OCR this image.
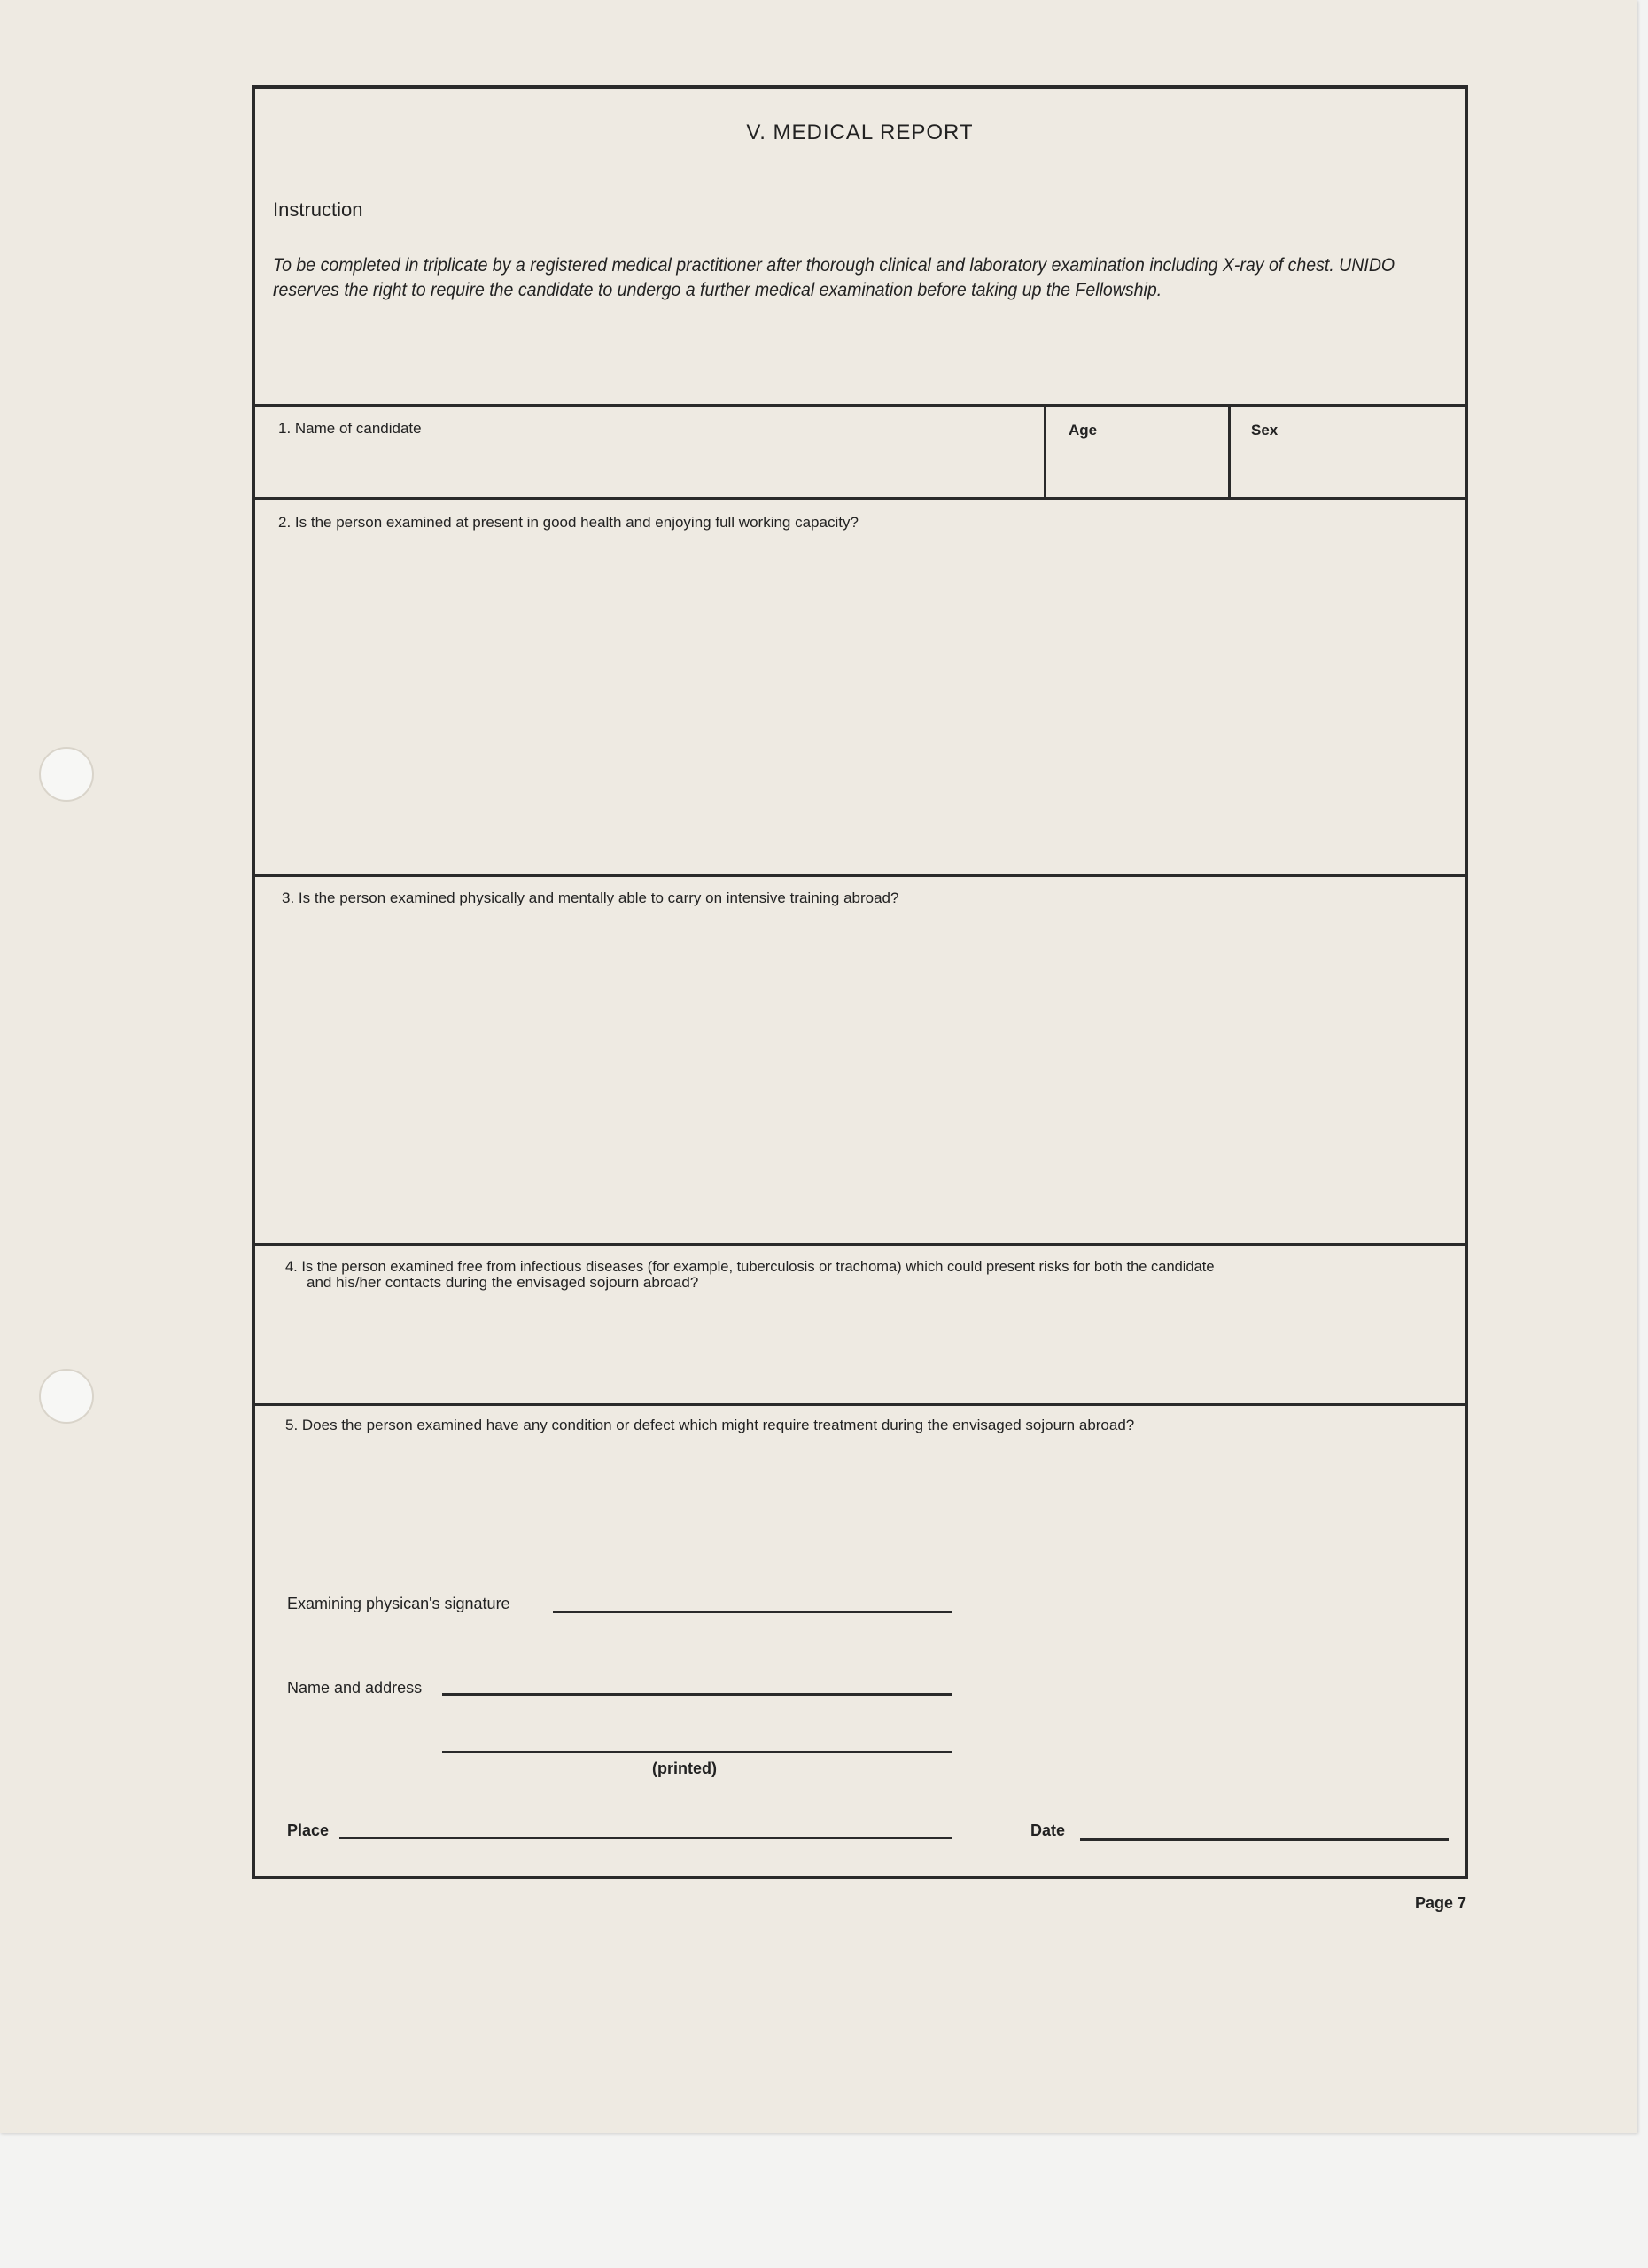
V. MEDICAL REPORT
Instruction
To be completed in triplicate by a registered medical practitioner after thorough clinical and laboratory examination including X-ray of chest. UNIDO reserves the right to require the candidate to undergo a further medical examination before taking up the Fellowship.
1. Name of candidate	Age	Sex
2. Is the person examined at present in good health and enjoying full working capacity?
3. Is the person examined physically and mentally able to carry on intensive training abroad?
4. Is the person examined free from infectious diseases (for example, tuberculosis or trachoma) which could present risks for both the candidate
and his/her contacts during the envisaged sojourn abroad?
5. Does the person examined have any condition or defect which might require treatment during the envisaged sojourn abroad?
Examining physican's signature
Name and address
(printed)
Place	Date
Page 7
